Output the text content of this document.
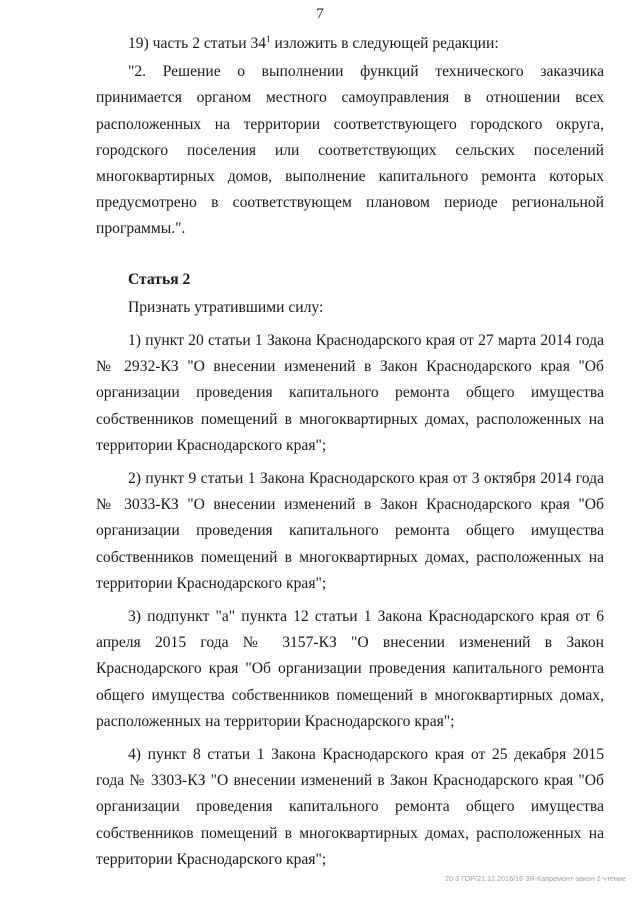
7

19) часть 2 статьи $34^1$ изложить в следующей редакции:

"2. Решение о выполнении функций технического заказчика принимается органом местного самоуправления в отношении всех расположенных на территории соответствующего городского округа, городского поселения или соответствующих сельских поселений многоквартирных домов, выполнение капитального ремонта которых предусмотрено в соответствующем плановом периоде региональной программы.".

Статья 2

Признать утратившими силу:

1) пункт 20 статьи 1 Закона Краснодарского края от 27 марта 2014 года № 2932-КЗ "О внесении изменений в Закон Краснодарского края "Об организации проведения капитального ремонта общего имущества собственников помещений в многоквартирных домах, расположенных на территории Краснодарского края";

2) пункт 9 статьи 1 Закона Краснодарского края от 3 октября 2014 года № 3033-КЗ "О внесении изменений в Закон Краснодарского края "Об организации проведения капитального ремонта общего имущества собственников помещений в многоквартирных домах, расположенных на территории Краснодарского края";

3) подпункт "а" пункта 12 статьи 1 Закона Краснодарского края от 6 апреля 2015 года № 3157-КЗ "О внесении изменений в Закон Краснодарского края "Об организации проведения капитального ремонта общего имущества собственников помещений в многоквартирных домах, расположенных на территории Краснодарского края";

4) пункт 8 статьи 1 Закона Краснодарского края от 25 декабря 2015 года № 3303-КЗ "О внесении изменений в Закон Краснодарского края "Об организации проведения капитального ремонта общего имущества собственников помещений в многоквартирных домах, расположенных на территории Краснодарского края";

20 3 ГОР/21.12.2016/16 ЗЯ-Капремонт-закон-2-чтение
